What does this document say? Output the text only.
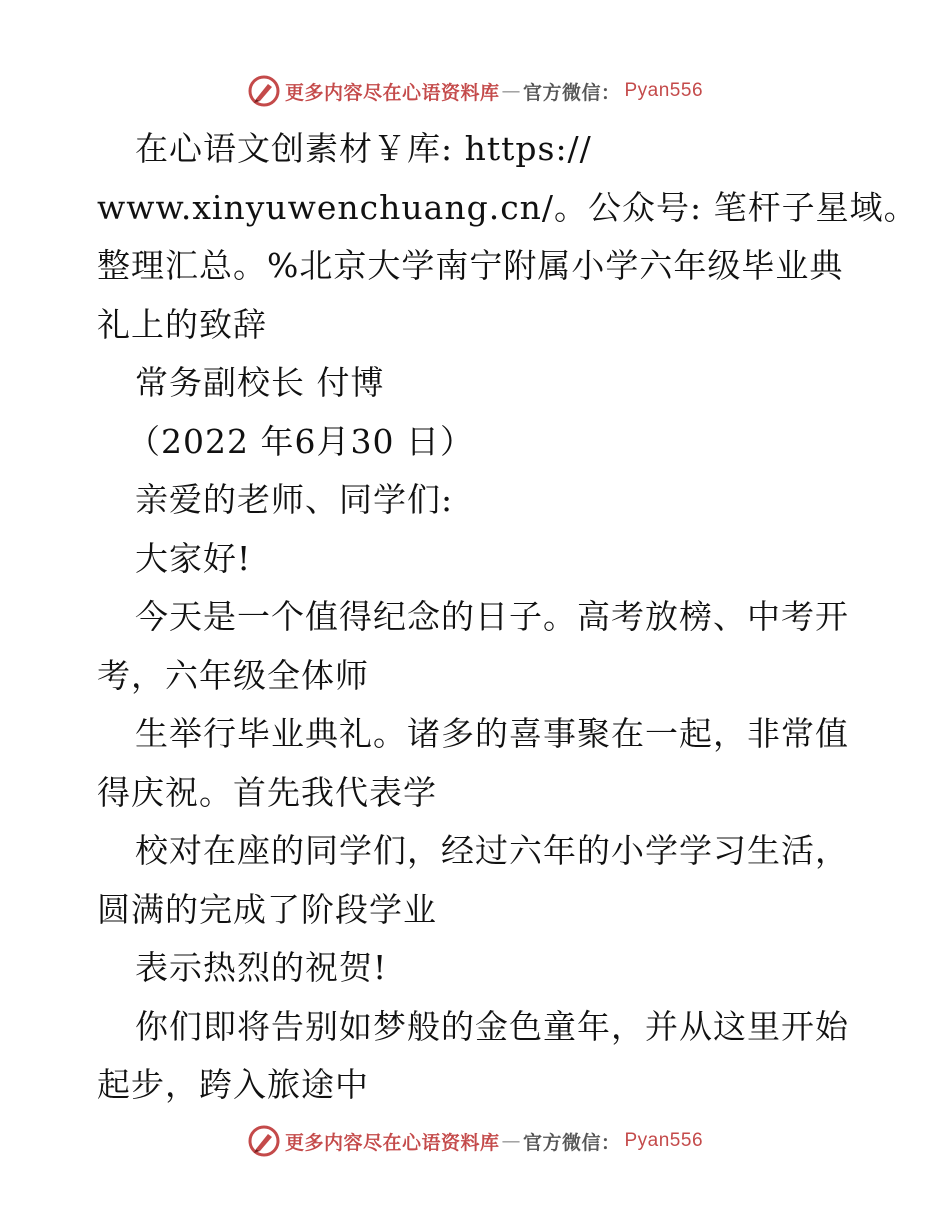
更多内容尽在心语资料库 — 官方微信： Pyan556
在心语文创素材￥库: https://
www.xinyuwenchuang.cn/。公众号: 笔杆子星域。
整理汇总。%北京大学南宁附属小学六年级毕业典
礼上的致辞
常务副校长 付博
（2022 年6月30 日）
亲爱的老师、同学们:
大家好!
今天是一个值得纪念的日子。高考放榜、中考开
考，六年级全体师
生举行毕业典礼。诸多的喜事聚在一起，非常值
得庆祝。首先我代表学
校对在座的同学们，经过六年的小学学习生活，
圆满的完成了阶段学业
表示热烈的祝贺!
你们即将告别如梦般的金色童年，并从这里开始
起步，跨入旅途中
更多内容尽在心语资料库 — 官方微信： Pyan556
